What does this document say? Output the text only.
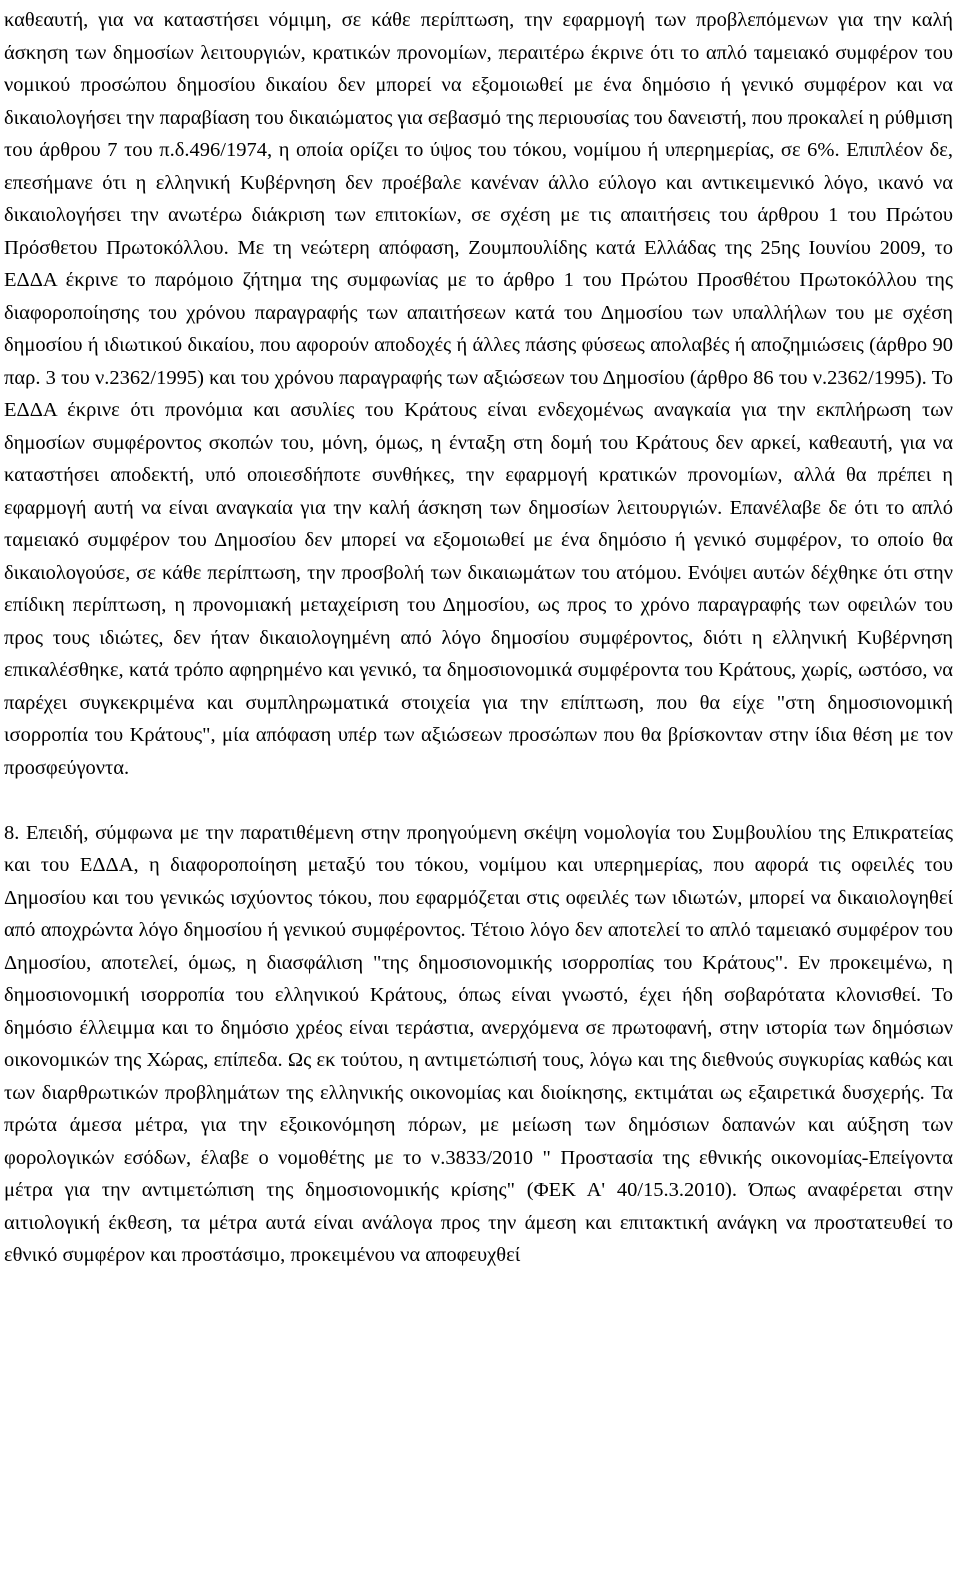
καθεαυτή, για να καταστήσει νόμιμη, σε κάθε περίπτωση, την εφαρμογή των προβλεπόμενων για την καλή άσκηση των δημοσίων λειτουργιών, κρατικών προνομίων, περαιτέρω έκρινε ότι το απλό ταμειακό συμφέρον του νομικού προσώπου δημοσίου δικαίου δεν μπορεί να εξομοιωθεί με ένα δημόσιο ή γενικό συμφέρον και να δικαιολογήσει την παραβίαση του δικαιώματος για σεβασμό της περιουσίας του δανειστή, που προκαλεί η ρύθμιση του άρθρου 7 του π.δ.496/1974, η οποία ορίζει το ύψος του τόκου, νομίμου ή υπερημερίας, σε 6%. Επιπλέον δε, επεσήμανε ότι η ελληνική Κυβέρνηση δεν προέβαλε κανέναν άλλο εύλογο και αντικειμενικό λόγο, ικανό να δικαιολογήσει την ανωτέρω διάκριση των επιτοκίων, σε σχέση με τις απαιτήσεις του άρθρου 1 του Πρώτου Πρόσθετου Πρωτοκόλλου. Με τη νεώτερη απόφαση, Ζουμπουλίδης κατά Ελλάδας της 25ης Ιουνίου 2009, το ΕΔΔΑ έκρινε το παρόμοιο ζήτημα της συμφωνίας με το άρθρο 1 του Πρώτου Προσθέτου Πρωτοκόλλου της διαφοροποίησης του χρόνου παραγραφής των απαιτήσεων κατά του Δημοσίου των υπαλλήλων του με σχέση δημοσίου ή ιδιωτικού δικαίου, που αφορούν αποδοχές ή άλλες πάσης φύσεως απολαβές ή αποζημιώσεις (άρθρο 90 παρ. 3 του ν.2362/1995) και του χρόνου παραγραφής των αξιώσεων του Δημοσίου (άρθρο 86 του ν.2362/1995). Το ΕΔΔΑ έκρινε ότι προνόμια και ασυλίες του Κράτους είναι ενδεχομένως αναγκαία για την εκπλήρωση των δημοσίων συμφέροντος σκοπών του, μόνη, όμως, η ένταξη στη δομή του Κράτους δεν αρκεί, καθεαυτή, για να καταστήσει αποδεκτή, υπό οποιεσδήποτε συνθήκες, την εφαρμογή κρατικών προνομίων, αλλά θα πρέπει η εφαρμογή αυτή να είναι αναγκαία για την καλή άσκηση των δημοσίων λειτουργιών. Επανέλαβε δε ότι το απλό ταμειακό συμφέρον του Δημοσίου δεν μπορεί να εξομοιωθεί με ένα δημόσιο ή γενικό συμφέρον, το οποίο θα δικαιολογούσε, σε κάθε περίπτωση, την προσβολή των δικαιωμάτων του ατόμου. Ενόψει αυτών δέχθηκε ότι στην επίδικη περίπτωση, η προνομιακή μεταχείριση του Δημοσίου, ως προς το χρόνο παραγραφής των οφειλών του προς τους ιδιώτες, δεν ήταν δικαιολογημένη από λόγο δημοσίου συμφέροντος, διότι η ελληνική Κυβέρνηση επικαλέσθηκε, κατά τρόπο αφηρημένο και γενικό, τα δημοσιονομικά συμφέροντα του Κράτους, χωρίς, ωστόσο, να παρέχει συγκεκριμένα και συμπληρωματικά στοιχεία για την επίπτωση, που θα είχε "στη δημοσιονομική ισορροπία του Κράτους", μία απόφαση υπέρ των αξιώσεων προσώπων που θα βρίσκονταν στην ίδια θέση με τον προσφεύγοντα.

8. Επειδή, σύμφωνα με την παρατιθέμενη στην προηγούμενη σκέψη νομολογία του Συμβουλίου της Επικρατείας και του ΕΔΔΑ, η διαφοροποίηση μεταξύ του τόκου, νομίμου και υπερημερίας, που αφορά τις οφειλές του Δημοσίου και του γενικώς ισχύοντος τόκου, που εφαρμόζεται στις οφειλές των ιδιωτών, μπορεί να δικαιολογηθεί από αποχρώντα λόγο δημοσίου ή γενικού συμφέροντος. Τέτοιο λόγο δεν αποτελεί το απλό ταμειακό συμφέρον του Δημοσίου, αποτελεί, όμως, η διασφάλιση "της δημοσιονομικής ισορροπίας του Κράτους". Εν προκειμένω, η δημοσιονομική ισορροπία του ελληνικού Κράτους, όπως είναι γνωστό, έχει ήδη σοβαρότατα κλονισθεί. Το δημόσιο έλλειμμα και το δημόσιο χρέος είναι τεράστια, ανερχόμενα σε πρωτοφανή, στην ιστορία των δημόσιων οικονομικών της Χώρας, επίπεδα. Ως εκ τούτου, η αντιμετώπισή τους, λόγω και της διεθνούς συγκυρίας καθώς και των διαρθρωτικών προβλημάτων της ελληνικής οικονομίας και διοίκησης, εκτιμάται ως εξαιρετικά δυσχερής. Τα πρώτα άμεσα μέτρα, για την εξοικονόμηση πόρων, με μείωση των δημόσιων δαπανών και αύξηση των φορολογικών εσόδων, έλαβε ο νομοθέτης με το ν.3833/2010 " Προστασία της εθνικής οικονομίας-Επείγοντα μέτρα για την αντιμετώπιση της δημοσιονομικής κρίσης" (ΦΕΚ Α' 40/15.3.2010). Όπως αναφέρεται στην αιτιολογική έκθεση, τα μέτρα αυτά είναι ανάλογα προς την άμεση και επιτακτική ανάγκη να προστατευθεί το εθνικό συμφέρον και προστάσιμο, προκειμένου να αποφευχθεί
